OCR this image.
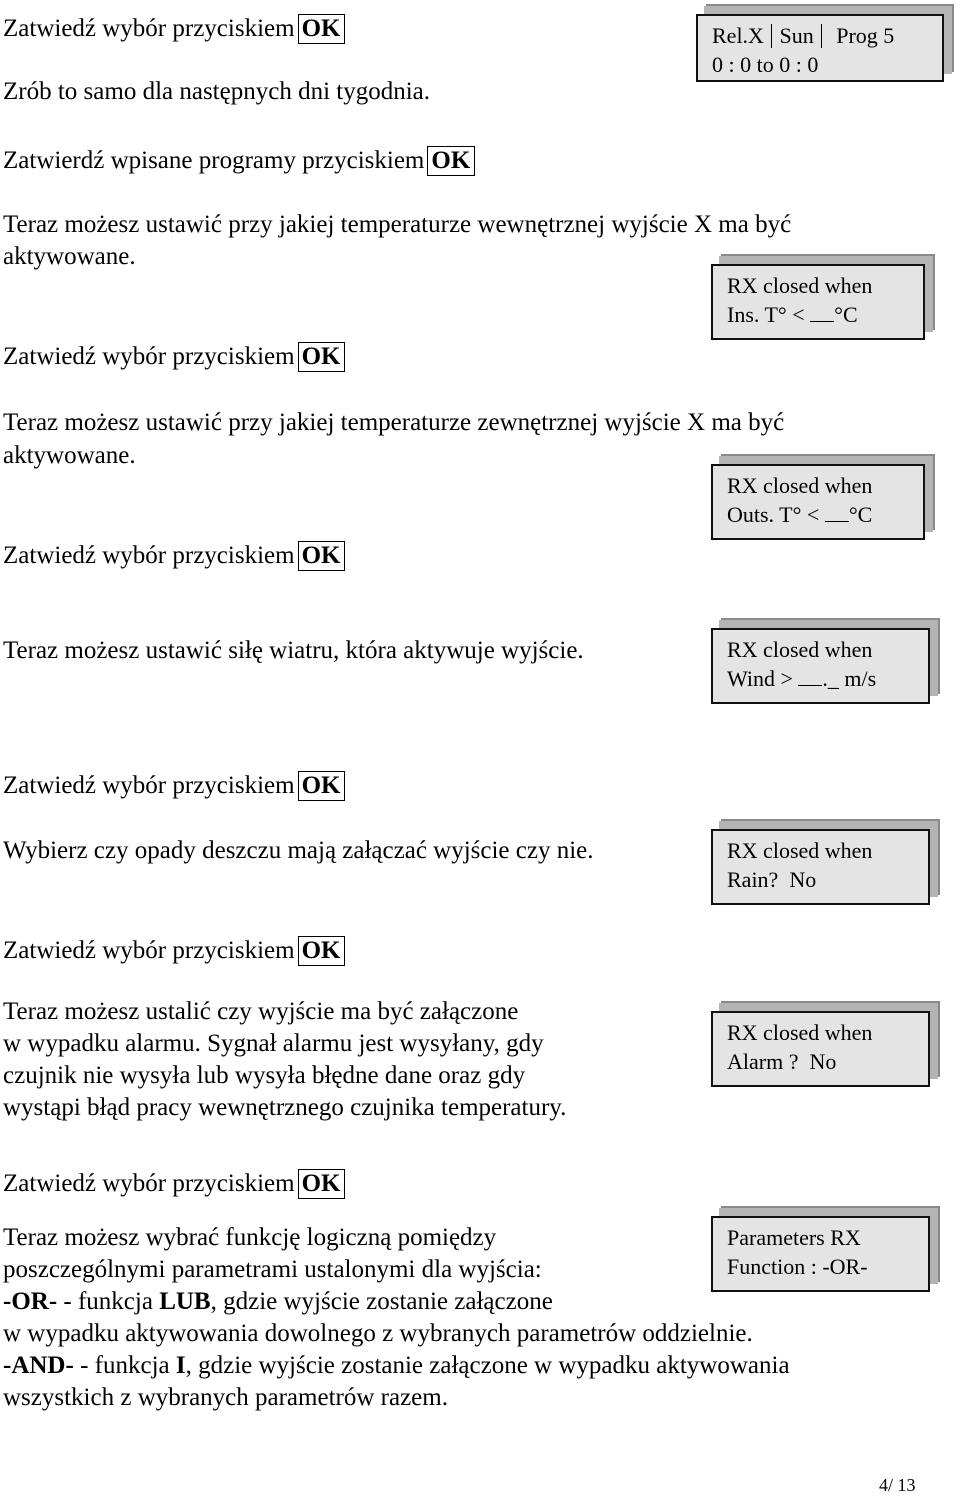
Zatwiedź wybór przyciskiem OK
Zrób to samo dla następnych dni tygodnia.
Rel.X Sun Prog 5
0 : 0 to 0 : 0
Zatwierdź wpisane programy przyciskiem OK
Teraz możesz ustawić przy jakiej temperaturze wewnętrznej wyjście X ma być
aktywowane.
RX closed when
Ins. T° < °C
Zatwiedź wybór przyciskiem OK
Teraz możesz ustawić przy jakiej temperaturze zewnętrznej wyjście X ma być
aktywowane.
RX closed when
Outs. T° < °C
Zatwiedź wybór przyciskiem OK
Teraz możesz ustawić siłę wiatru, która aktywuje wyjście.	RX closed when
Wind > ._ m/s
Zatwiedź wybór przyciskiem OK
Wybierz czy opady deszczu mają załączać wyjście czy nie.	RX closed when
Rain?  No
Zatwiedź wybór przyciskiem OK
Teraz możesz ustalić czy wyjście ma być załączone
w wypadku alarmu. Sygnał alarmu jest wysyłany, gdy
czujnik nie wysyła lub wysyła błędne dane oraz gdy
wystąpi błąd pracy wewnętrznego czujnika temperatury.
RX closed when
Alarm ?  No
Zatwiedź wybór przyciskiem OK
Parameters RX
Function : -OR-
Teraz możesz wybrać funkcję logiczną pomiędzy
poszczególnymi parametrami ustalonymi dla wyjścia:
-OR- - funkcja LUB, gdzie wyjście zostanie załączone
w wypadku aktywowania dowolnego z wybranych parametrów oddzielnie.
-AND- - funkcja I, gdzie wyjście zostanie załączone w wypadku aktywowania
wszystkich z wybranych parametrów razem.
4/ 13
